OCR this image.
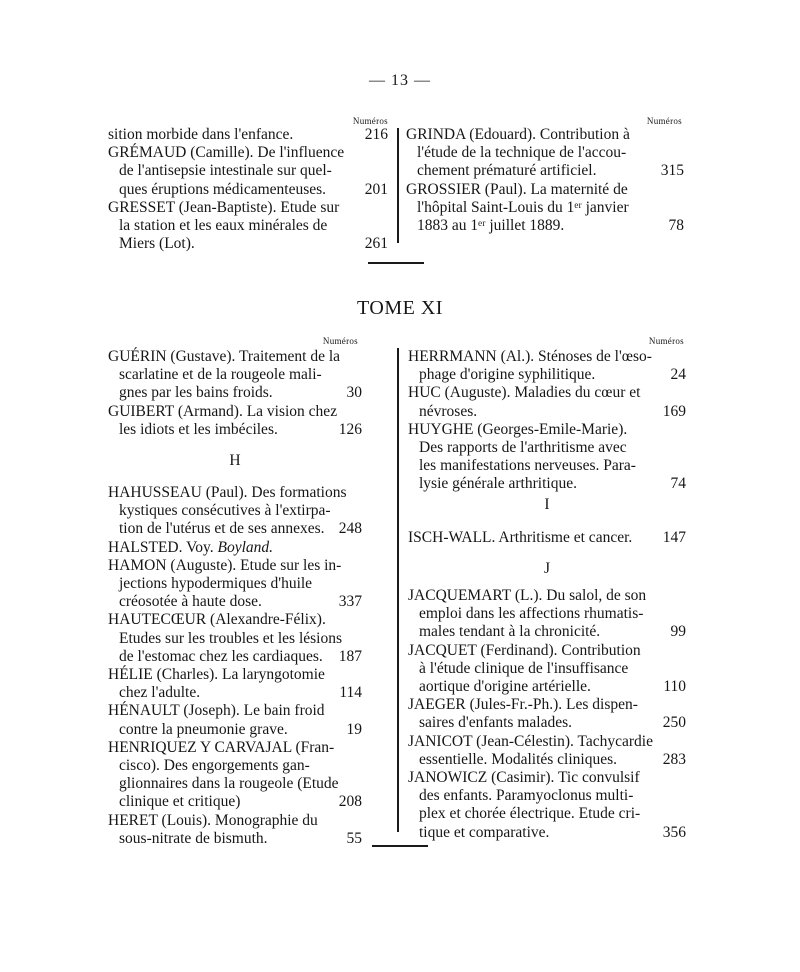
— 13 —
Numéros	Numéros
sition morbide dans l'enfance.	216
GRÉMAUD (Camille). De l'influence
de l'antisepsie intestinale sur quel-
ques éruptions médicamenteuses.	201
GRESSET (Jean-Baptiste). Etude sur
la station et les eaux minérales de
Miers (Lot).	261
GRINDA (Edouard). Contribution à
l'étude de la technique de l'accou-
chement prématuré artificiel.	315
GROSSIER (Paul). La maternité de
l'hôpital Saint-Louis du 1ᵉʳ janvier
1883 au 1ᵉʳ juillet 1889.	78
TOME XI
Numéros	Numéros
GUÉRIN (Gustave). Traitement de la
scarlatine et de la rougeole mali-
gnes par les bains froids.	30
GUIBERT (Armand). La vision chez
les idiots et les imbéciles.	126
H
HAHUSSEAU (Paul). Des formations
kystiques consécutives à l'extirpa-
tion de l'utérus et de ses annexes. 248
HALSTED. Voy. Boyland.
HAMON (Auguste). Etude sur les in-
jections hypodermiques d'huile
créosotée à haute dose.	337
HAUTECŒUR (Alexandre-Félix).
Etudes sur les troubles et les lésions
de l'estomac chez les cardiaques.	187
HÉLIE (Charles). La laryngotomie
chez l'adulte.	114
HÉNAULT (Joseph). Le bain froid
contre la pneumonie grave.	19
HENRIQUEZ Y CARVAJAL (Fran-
cisco). Des engorgements gan-
glionnaires dans la rougeole (Etude
clinique et critique)	208
HERET (Louis). Monographie du
sous-nitrate de bismuth.	55
HERRMANN (Al.). Sténoses de l'œso-
phage d'origine syphilitique.	24
HUC (Auguste). Maladies du cœur et
névroses.	169
HUYGHE (Georges-Emile-Marie).
Des rapports de l'arthritisme avec
les manifestations nerveuses. Para-
lysie générale arthritique.	74
I
ISCH-WALL. Arthritisme et cancer.	147
J
JACQUEMART (L.). Du salol, de son
emploi dans les affections rhumatis-
males tendant à la chronicité.	99
JACQUET (Ferdinand). Contribution
à l'étude clinique de l'insuffisance
aortique d'origine artérielle.	110
JAEGER (Jules-Fr.-Ph.). Les dispen-
saires d'enfants malades.	250
JANICOT (Jean-Célestin). Tachycardie
essentielle. Modalités cliniques.	283
JANOWICZ (Casimir). Tic convulsif
des enfants. Paramyoclonus multi-
plex et chorée électrique. Etude cri-
tique et comparative.	356
